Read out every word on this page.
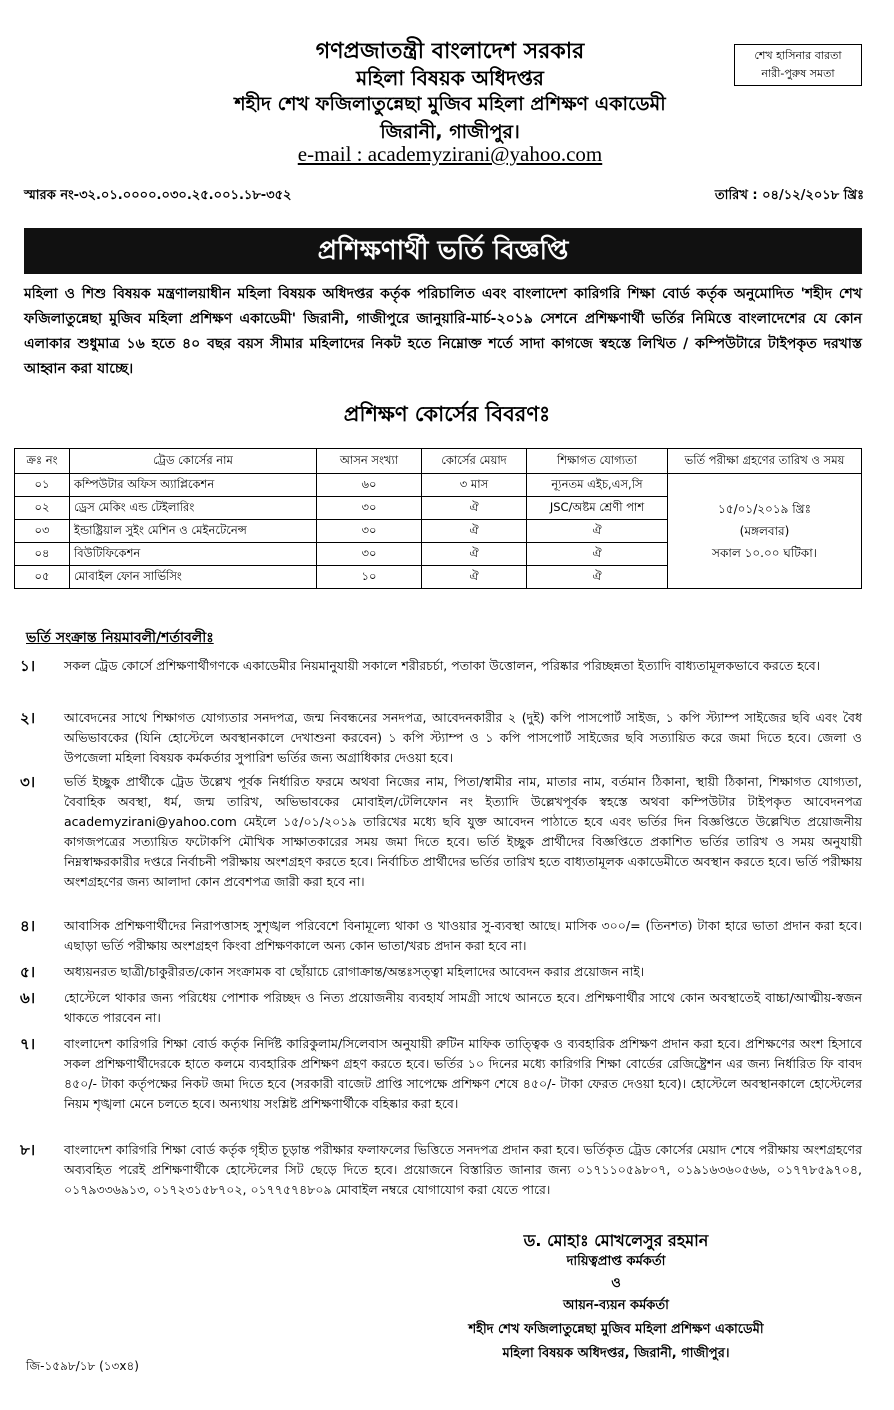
গণপ্রজাতন্ত্রী বাংলাদেশ সরকার
মহিলা বিষয়ক অধিদপ্তর
শহীদ শেখ ফজিলাতুন্নেছা মুজিব মহিলা প্রশিক্ষণ একাডেমী
জিরানী, গাজীপুর।
e-mail : academyzirani@yahoo.com
শেখ হাসিনার বারতা
নারী-পুরুষ সমতা
স্মারক নং-৩২.০১.০০০০.০৩০.২৫.০০১.১৮-৩৫২	তারিখ : ০৪/১২/২০১৮ খ্রিঃ
প্রশিক্ষণার্থী ভর্তি বিজ্ঞপ্তি
মহিলা ও শিশু বিষয়ক মন্ত্রণালয়াধীন মহিলা বিষয়ক অধিদপ্তর কর্তৃক পরিচালিত এবং বাংলাদেশ কারিগরি শিক্ষা বোর্ড কর্তৃক অনুমোদিত 'শহীদ শেখ ফজিলাতুন্নেছা মুজিব মহিলা প্রশিক্ষণ একাডেমী' জিরানী, গাজীপুরে জানুয়ারি-মার্চ-২০১৯ সেশনে প্রশিক্ষণার্থী ভর্তির নিমিত্তে বাংলাদেশের যে কোন এলাকার শুধুমাত্র ১৬ হতে ৪০ বছর বয়স সীমার মহিলাদের নিকট হতে নিম্নোক্ত শর্তে সাদা কাগজে স্বহস্তে লিখিত / কম্পিউটারে টাইপকৃত দরখাস্ত আহ্বান করা যাচ্ছে।
প্রশিক্ষণ কোর্সের বিবরণঃ
ক্রঃ নং	ট্রেড কোর্সের নাম	আসন সংখ্যা	কোর্সের মেয়াদ	শিক্ষাগত যোগ্যতা	ভর্তি পরীক্ষা গ্রহণের তারিখ ও সময়
০১	কম্পিউটার অফিস অ্যাপ্লিকেশন	৬০	৩ মাস	ন্যূনতম এইচ,এস,সি	১৫/০১/২০১৯ খ্রিঃ
(মঙ্গলবার)
সকাল ১০.০০ ঘটিকা।

০২	ড্রেস মেকিং এন্ড টেইলারিং	৩০	ঐ	JSC/অষ্টম শ্রেণী পাশ	
০৩	ইন্ডাষ্ট্রিয়াল সুইং মেশিন ও মেইনটেনেন্স	৩০	ঐ	ঐ	
০৪	বিউটিফিকেশন	৩০	ঐ	ঐ	
০৫	মোবাইল ফোন সার্ভিসিং	১০	ঐ	ঐ	
ভর্তি সংক্রান্ত নিয়মাবলী/শর্তাবলীঃ
১।	সকল ট্রেড কোর্সে প্রশিক্ষণার্থীগণকে একাডেমীর নিয়মানুযায়ী সকালে শরীরচর্চা, পতাকা উত্তোলন, পরিষ্কার পরিচ্ছন্নতা ইত্যাদি বাধ্যতামূলকভাবে করতে হবে।
২।	আবেদনের সাথে শিক্ষাগত যোগ্যতার সনদপত্র, জন্ম নিবন্ধনের সনদপত্র, আবেদনকারীর ২ (দুই) কপি পাসপোর্ট সাইজ, ১ কপি স্ট্যাম্প সাইজের ছবি এবং বৈধ অভিভাবকের (যিনি হোস্টেলে অবস্থানকালে দেখাশুনা করবেন) ১ কপি স্ট্যাম্প ও ১ কপি পাসপোর্ট সাইজের ছবি সত্যায়িত করে জমা দিতে হবে। জেলা ও উপজেলা মহিলা বিষয়ক কর্মকর্তার সুপারিশ ভর্তির জন্য অগ্রাধিকার দেওয়া হবে।
৩।	ভর্তি ইচ্ছুক প্রার্থীকে ট্রেড উল্লেখ পূর্বক নির্ধারিত ফরমে অথবা নিজের নাম, পিতা/স্বামীর নাম, মাতার নাম, বর্তমান ঠিকানা, স্থায়ী ঠিকানা, শিক্ষাগত যোগ্যতা, বৈবাহিক অবস্থা, ধর্ম, জন্ম তারিখ, অভিভাবকের মোবাইল/টেলিফোন নং ইত্যাদি উল্লেখপূর্বক স্বহস্তে অথবা কম্পিউটার টাইপকৃত আবেদনপত্র academyzirani@yahoo.com মেইলে ১৫/০১/২০১৯ তারিখের মধ্যে ছবি যুক্ত আবেদন পাঠাতে হবে এবং ভর্তির দিন বিজ্ঞপ্তিতে উল্লেখিত প্রয়োজনীয় কাগজপত্রের সত্যায়িত ফটোকপি মৌখিক সাক্ষাতকারের সময় জমা দিতে হবে। ভর্তি ইচ্ছুক প্রার্থীদের বিজ্ঞপ্তিতে প্রকাশিত ভর্তির তারিখ ও সময় অনুযায়ী নিম্নস্বাক্ষরকারীর দপ্তরে নির্বাচনী পরীক্ষায় অংশগ্রহণ করতে হবে। নির্বাচিত প্রার্থীদের ভর্তির তারিখ হতে বাধ্যতামূলক একাডেমীতে অবস্থান করতে হবে। ভর্তি পরীক্ষায় অংশগ্রহণের জন্য আলাদা কোন প্রবেশপত্র জারী করা হবে না।
৪।	আবাসিক প্রশিক্ষণার্থীদের নিরাপত্তাসহ সুশৃঙ্খল পরিবেশে বিনামূল্যে থাকা ও খাওয়ার সু-ব্যবস্থা আছে। মাসিক ৩০০/= (তিনশত) টাকা হারে ভাতা প্রদান করা হবে। এছাড়া ভর্তি পরীক্ষায় অংশগ্রহণ কিংবা প্রশিক্ষণকালে অন্য কোন ভাতা/খরচ প্রদান করা হবে না।
৫।	অধ্যয়নরত ছাত্রী/চাকুরীরত/কোন সংক্রামক বা ছোঁয়াচে রোগাক্রান্ত/অন্তঃসত্ত্বা মহিলাদের আবেদন করার প্রয়োজন নাই।
৬।	হোস্টেলে থাকার জন্য পরিধেয় পোশাক পরিচ্ছদ ও নিত্য প্রয়োজনীয় ব্যবহার্য সামগ্রী সাথে আনতে হবে। প্রশিক্ষণার্থীর সাথে কোন অবস্থাতেই বাচ্চা/আত্মীয়-স্বজন থাকতে পারবেন না।
৭।	বাংলাদেশ কারিগরি শিক্ষা বোর্ড কর্তৃক নির্দিষ্ট কারিকুলাম/সিলেবাস অনুযায়ী রুটিন মাফিক তাত্ত্বিক ও ব্যবহারিক প্রশিক্ষণ প্রদান করা হবে। প্রশিক্ষণের অংশ হিসাবে সকল প্রশিক্ষণার্থীদেরকে হাতে কলমে ব্যবহারিক প্রশিক্ষণ গ্রহণ করতে হবে। ভর্তির ১০ দিনের মধ্যে কারিগরি শিক্ষা বোর্ডের রেজিষ্ট্রেশন এর জন্য নির্ধারিত ফি বাবদ ৪৫০/- টাকা কর্তৃপক্ষের নিকট জমা দিতে হবে (সরকারী বাজেট প্রাপ্তি সাপেক্ষে প্রশিক্ষণ শেষে ৪৫০/- টাকা ফেরত দেওয়া হবে)। হোস্টেলে অবস্থানকালে হোস্টেলের নিয়ম শৃঙ্খলা মেনে চলতে হবে। অন্যথায় সংশ্লিষ্ট প্রশিক্ষণার্থীকে বহিষ্কার করা হবে।
৮।	বাংলাদেশ কারিগরি শিক্ষা বোর্ড কর্তৃক গৃহীত চূড়ান্ত পরীক্ষার ফলাফলের ভিত্তিতে সনদপত্র প্রদান করা হবে। ভর্তিকৃত ট্রেড কোর্সের মেয়াদ শেষে পরীক্ষায় অংশগ্রহণের অব্যবহিত পরেই প্রশিক্ষণার্থীকে হোস্টেলের সিট ছেড়ে দিতে হবে। প্রয়োজনে বিস্তারিত জানার জন্য ০১৭১১০৫৯৮০৭, ০১৯১৬৩৬০৫৬৬, ০১৭৭৮৫৯৭০৪, ০১৭৯৩৩৬৯১৩, ০১৭২৩১৫৮৭০২, ০১৭৭৫৭৪৮০৯ মোবাইল নম্বরে যোগাযোগ করা যেতে পারে।
ড. মোহাঃ মোখলেসুর রহমান
দায়িত্বপ্রাপ্ত কর্মকর্তা
ও
আয়ন-ব্যয়ন কর্মকর্তা
শহীদ শেখ ফজিলাতুন্নেছা মুজিব মহিলা প্রশিক্ষণ একাডেমী
মহিলা বিষয়ক অধিদপ্তর, জিরানী, গাজীপুর।
জি-১৫৯৮/১৮ (১৩x৪)
